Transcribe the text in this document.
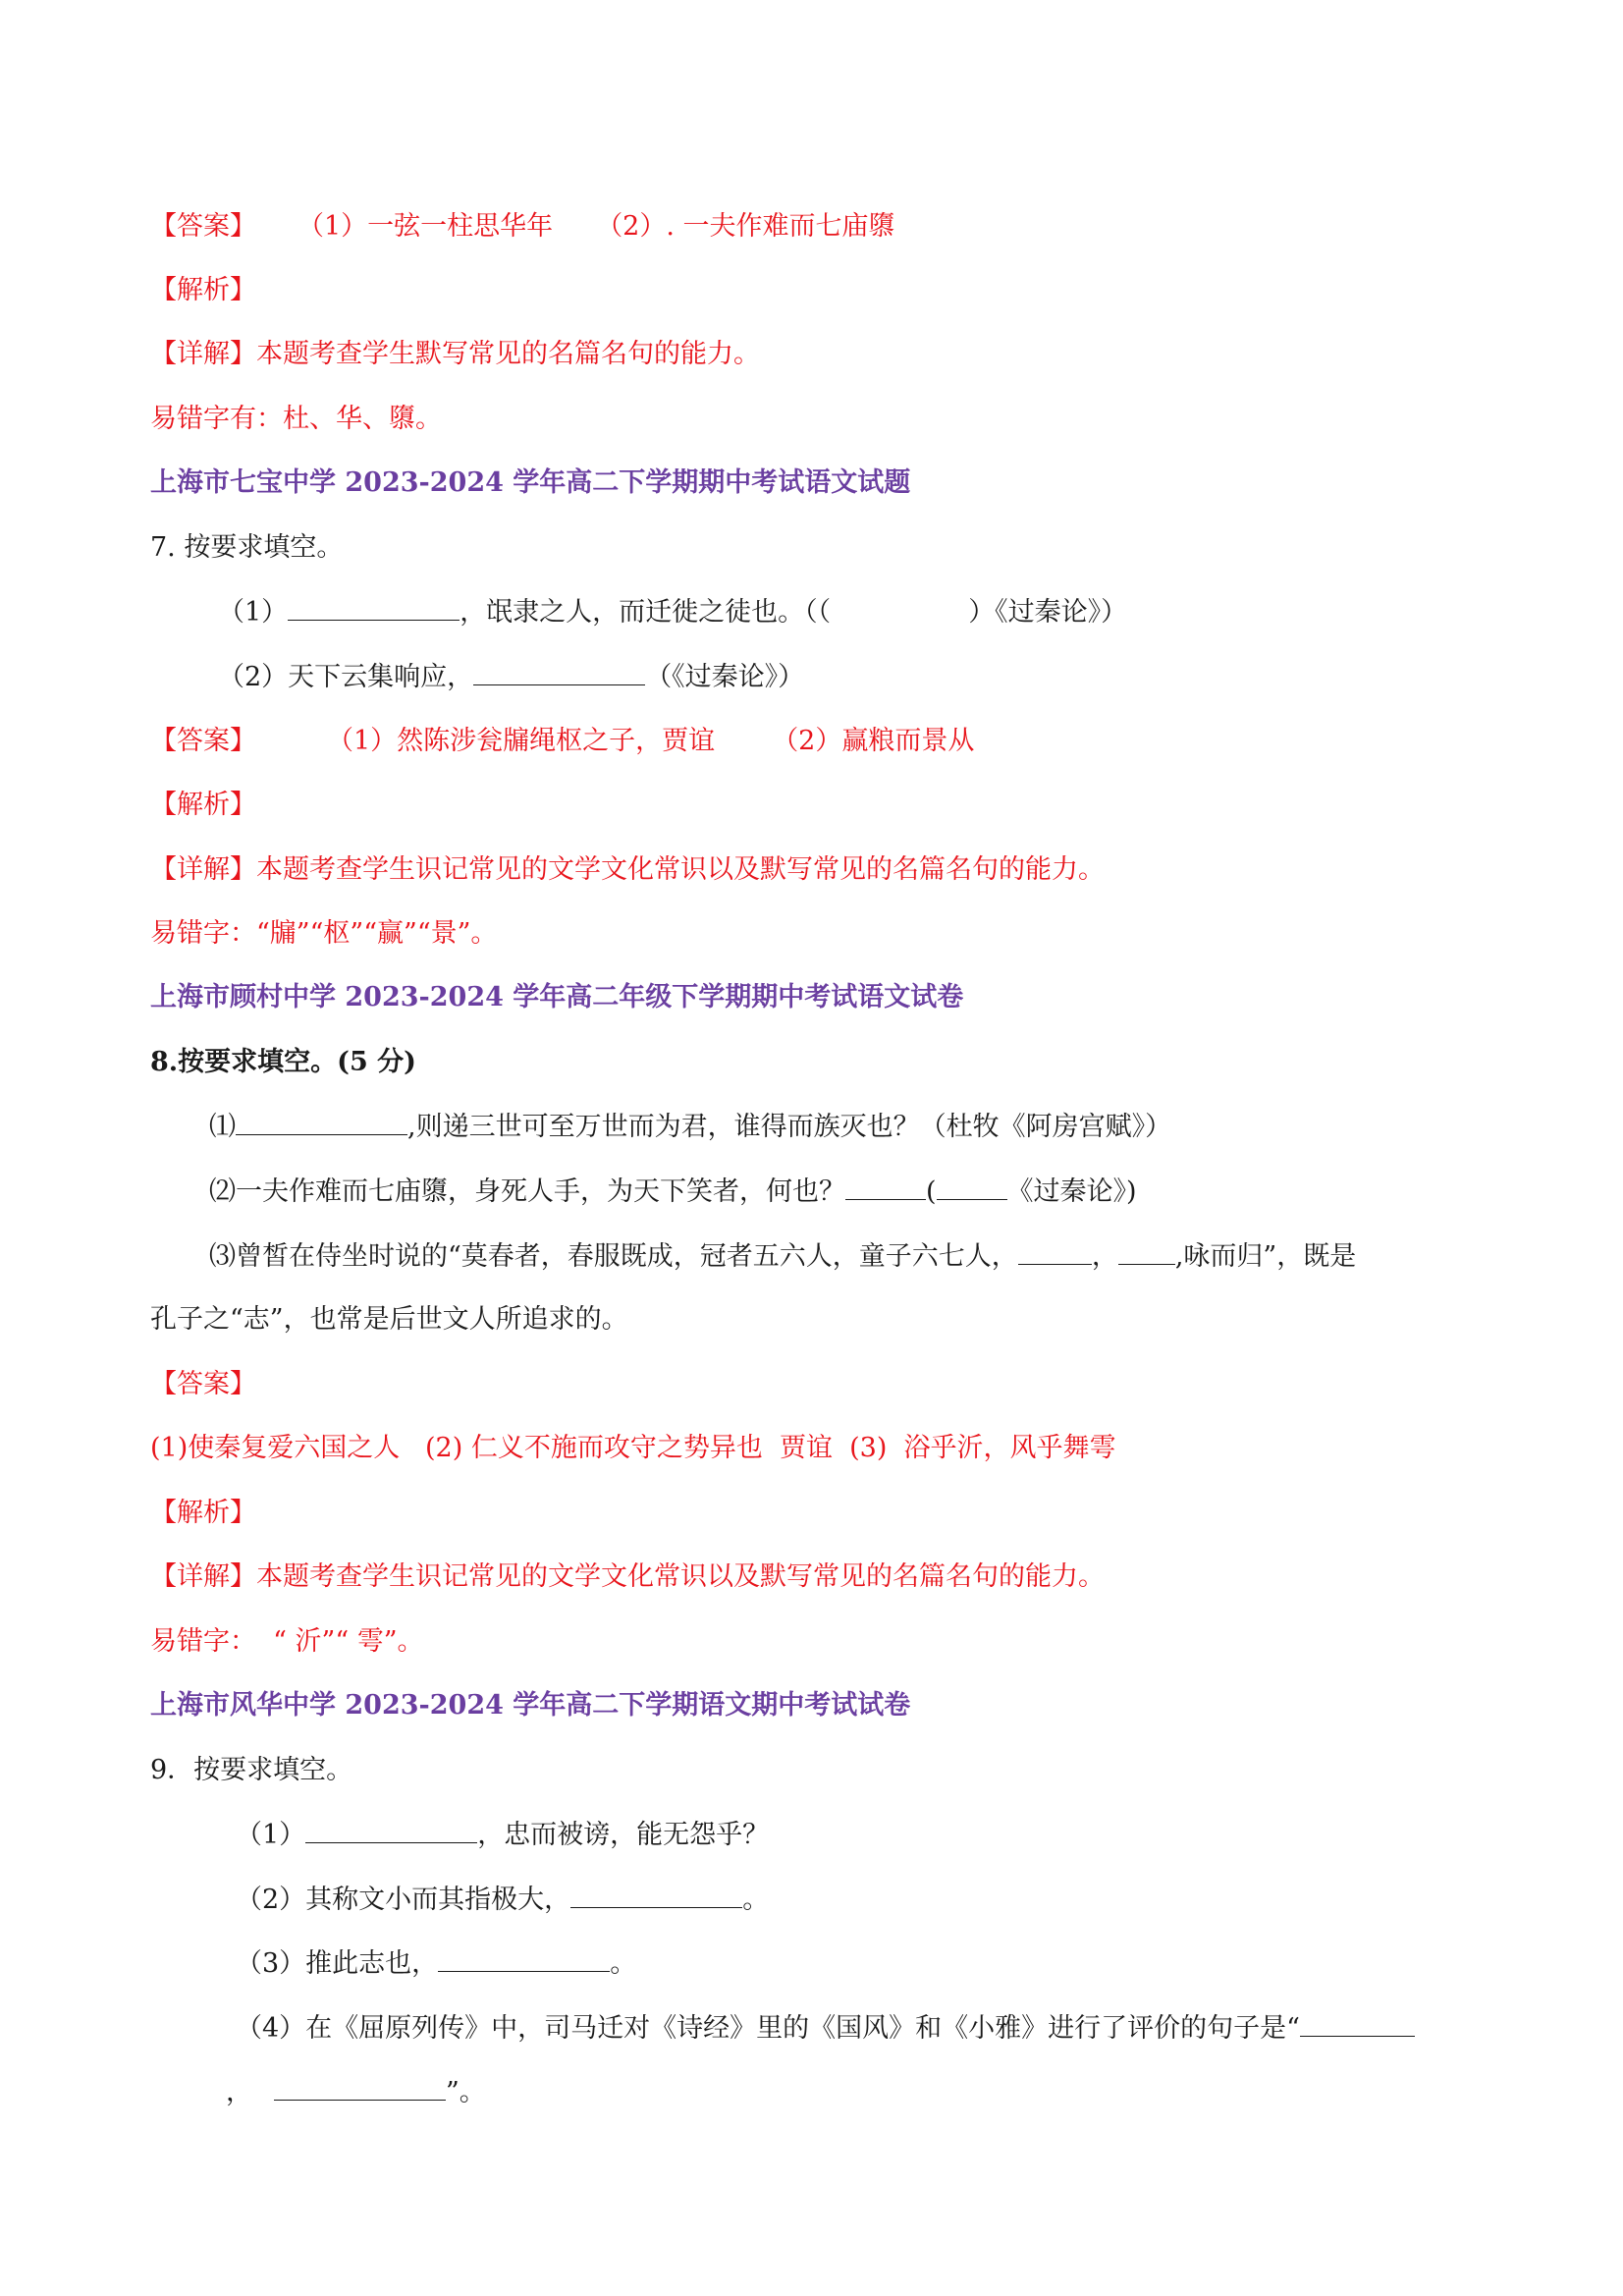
【答案】 （1）一弦一柱思华年 （2）. 一夫作难而七庙隳
【解析】
【详解】本题考查学生默写常见的名篇名句的能力。
易错字有：杜、华、隳。
上海市七宝中学 2023-2024 学年高二下学期期中考试语文试题
7. 按要求填空。
（1）	，氓隶之人，而迁徙之徒也。（（	）《过秦论》）
（2）天下云集响应，	（《过秦论》）
【答案】	（1）然陈涉瓮牖绳枢之子，贾谊 （2）赢粮而景从
【解析】
【详解】本题考查学生识记常见的文学文化常识以及默写常见的名篇名句的能力。
易错字：“牖”“枢”“赢”“景”。
上海市顾村中学 2023-2024 学年高二年级下学期期中考试语文试卷
8.按要求填空。(5 分)
⑴	,则递三世可至万世而为君，谁得而族灭也？（杜牧《阿房宫赋》）
⑵一夫作难而七庙隳，身死人手，为天下笑者，何也？	(	《过秦论》)
⑶曾皙在侍坐时说的“莫春者，春服既成，冠者五六人，童子六七人，	， ,咏而归”，既是
孔子之“志”，也常是后世文人所追求的。
【答案】
(1)使秦复爱六国之人   (2) 仁义不施而攻守之势异也  贾谊  (3)  浴乎沂，风乎舞雩
【解析】
【详解】本题考查学生识记常见的文学文化常识以及默写常见的名篇名句的能力。
易错字：  “ 沂”“ 雩”。
上海市风华中学 2023-2024 学年高二下学期语文期中考试试卷
9．按要求填空。
（1）	，忠而被谤，能无怨乎？
（2）其称文小而其指极大，	。
（3）推此志也，	。
（4）在《屈原列传》中，司马迁对《诗经》里的《国风》和《小雅》进行了评价的句子是“
，	”。
